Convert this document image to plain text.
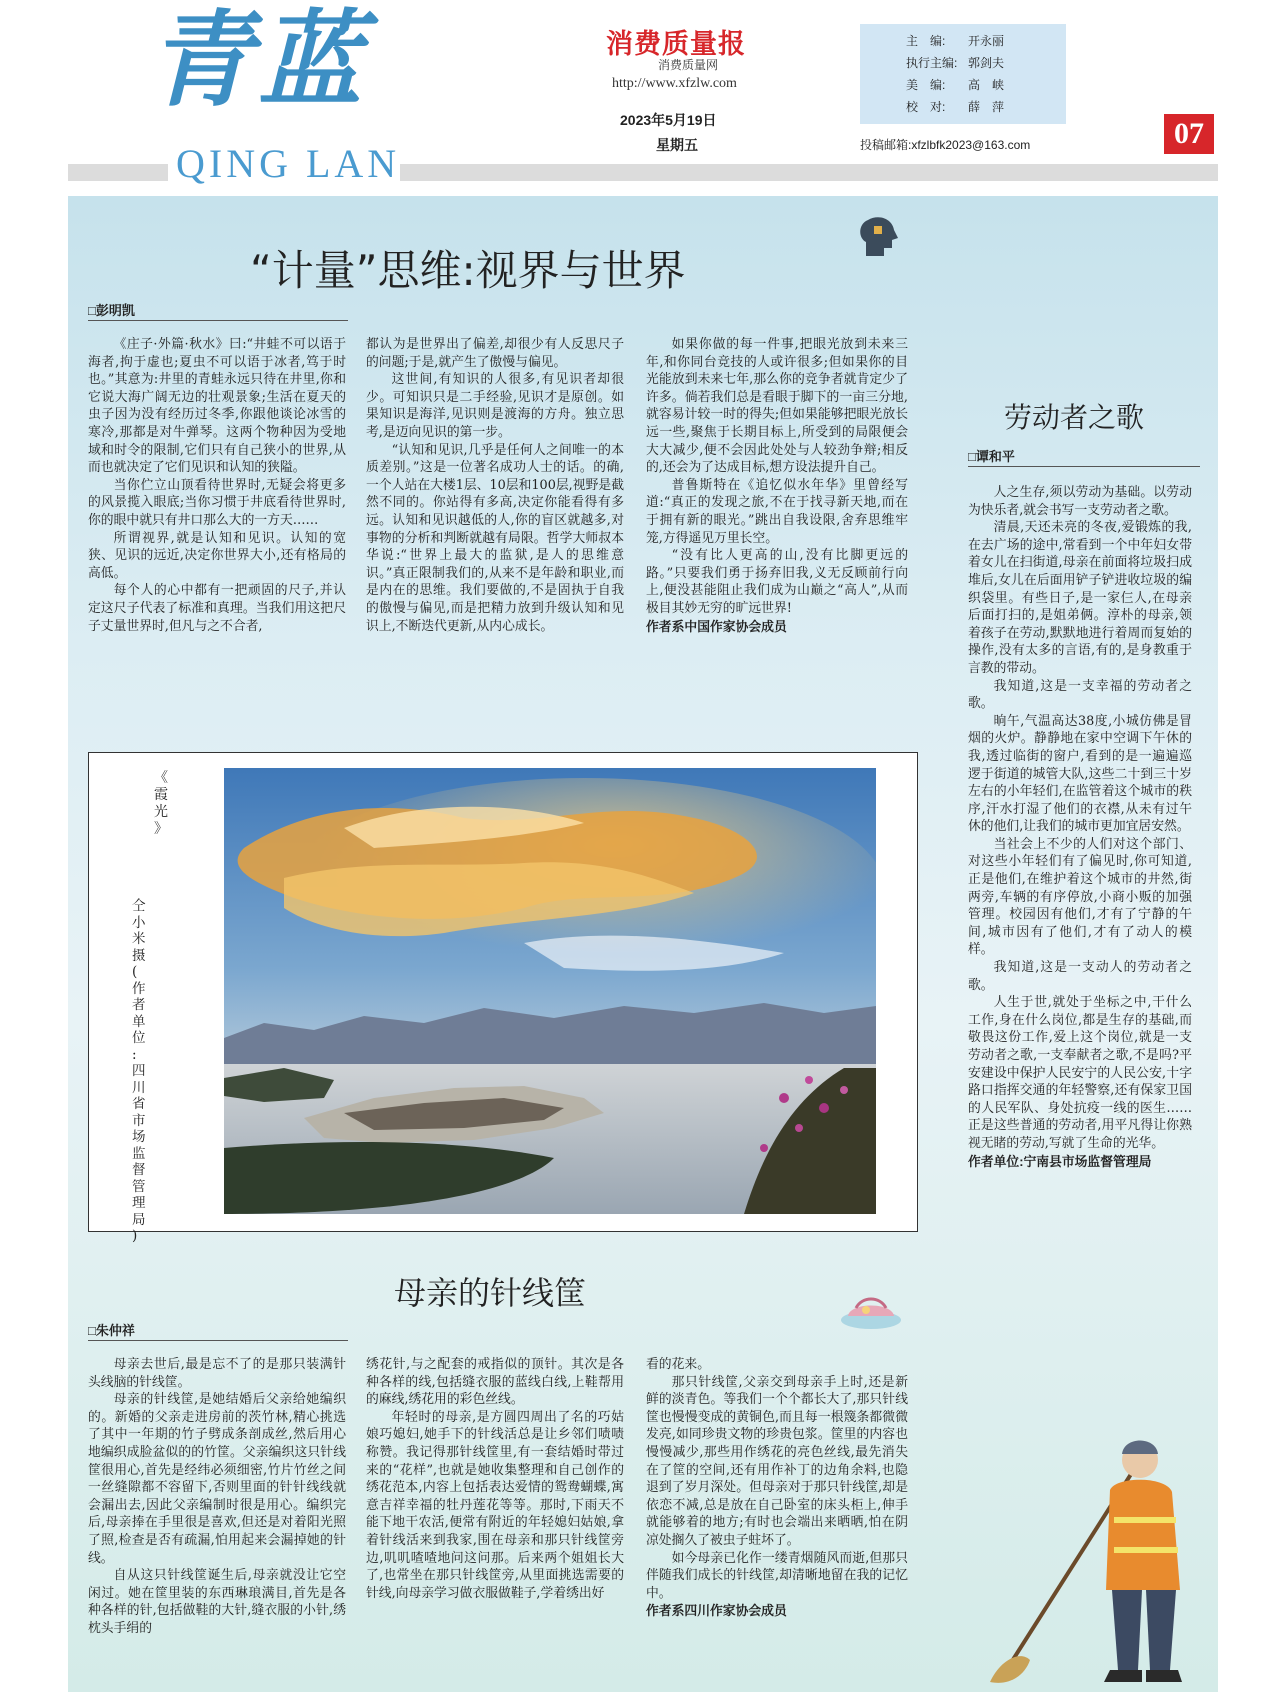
青蓝
QING LAN
消费质量报
消费质量网
http://www.xfzlw.com
2023年5月19日
星期五
主　编: 开永丽
执行主编: 郭剑夫
美　编: 高　峡
校　对: 薛　萍
投稿邮箱:xfzlbfk2023@163.com	07
“计量”思维:视界与世界
□彭明凯

《庄子·外篇·秋水》曰:“井蛙不可以语于海者,拘于虚也;夏虫不可以语于冰者,笃于时也。”其意为:井里的青蛙永远只待在井里,你和它说大海广阔无边的壮观景象;生活在夏天的虫子因为没有经历过冬季,你跟他谈论冰雪的寒冷,那都是对牛弹琴。这两个物种因为受地域和时令的限制,它们只有自己狭小的世界,从而也就决定了它们见识和认知的狭隘。

当你伫立山顶看待世界时,无疑会将更多的风景揽入眼底;当你习惯于井底看待世界时,你的眼中就只有井口那么大的一方天……

所谓视界,就是认知和见识。认知的宽狭、见识的远近,决定你世界大小,还有格局的高低。

每个人的心中都有一把顽固的尺子,并认定这尺子代表了标准和真理。当我们用这把尺子丈量世界时,但凡与之不合者,

都认为是世界出了偏差,却很少有人反思尺子的问题;于是,就产生了傲慢与偏见。

这世间,有知识的人很多,有见识者却很少。可知识只是二手经验,见识才是原创。如果知识是海洋,见识则是渡海的方舟。独立思考,是迈向见识的第一步。

“认知和见识,几乎是任何人之间唯一的本质差别。”这是一位著名成功人士的话。的确,一个人站在大楼1层、10层和100层,视野是截然不同的。你站得有多高,决定你能看得有多远。认知和见识越低的人,你的盲区就越多,对事物的分析和判断就越有局限。哲学大师叔本华说:“世界上最大的监狱,是人的思维意识。”真正限制我们的,从来不是年龄和职业,而是内在的思维。我们要做的,不是固执于自我的傲慢与偏见,而是把精力放到升级认知和见识上,不断迭代更新,从内心成长。

如果你做的每一件事,把眼光放到未来三年,和你同台竞技的人或许很多;但如果你的目光能放到未来七年,那么你的竞争者就肯定少了许多。倘若我们总是看眼于脚下的一亩三分地,就容易计较一时的得失;但如果能够把眼光放长远一些,聚焦于长期目标上,所受到的局限便会大大减少,便不会因此处处与人较劲争辩;相反的,还会为了达成目标,想方设法提升自己。

普鲁斯特在《追忆似水年华》里曾经写道:“真正的发现之旅,不在于找寻新天地,而在于拥有新的眼光。”跳出自我设限,舍弃思维牢笼,方得遥见万里长空。

“没有比人更高的山,没有比脚更远的路。”只要我们勇于扬弃旧我,义无反顾前行向上,便没甚能阻止我们成为山巅之“高人”,从而极目其妙无穷的旷远世界!

作者系中国作家协会成员

《
霞
光
》
仝
小
米
摄
(
作
者
单
位
:
四
川
省
市
场
监
督
管
理
局
)
劳动者之歌
□谭和平

人之生存,须以劳动为基础。以劳动为快乐者,就会书写一支劳动者之歌。

清晨,天还未亮的冬夜,爱锻炼的我,在去广场的途中,常看到一个中年妇女带着女儿在扫街道,母亲在前面将垃圾扫成堆后,女儿在后面用铲子铲进收垃圾的编织袋里。有些日子,是一家仨人,在母亲后面打扫的,是姐弟俩。淳朴的母亲,领着孩子在劳动,默默地进行着周而复始的操作,没有太多的言语,有的,是身教重于言教的带动。

我知道,这是一支幸福的劳动者之歌。

晌午,气温高达38度,小城仿佛是冒烟的火炉。静静地在家中空调下午休的我,透过临街的窗户,看到的是一遍遍巡逻于街道的城管大队,这些二十到三十岁左右的小年轻们,在监管着这个城市的秩序,汗水打湿了他们的衣襟,从未有过午休的他们,让我们的城市更加宜居安然。

当社会上不少的人们对这个部门、对这些小年轻们有了偏见时,你可知道,正是他们,在维护着这个城市的井然,街两旁,车辆的有序停放,小商小贩的加强管理。校园因有他们,才有了宁静的午间,城市因有了他们,才有了动人的模样。

我知道,这是一支动人的劳动者之歌。

人生于世,就处于坐标之中,干什么工作,身在什么岗位,都是生存的基础,而敬畏这份工作,爱上这个岗位,就是一支劳动者之歌,一支奉献者之歌,不是吗?平安建设中保护人民安宁的人民公安,十字路口指挥交通的年轻警察,还有保家卫国的人民军队、身处抗疫一线的医生……正是这些普通的劳动者,用平凡得让你熟视无睹的劳动,写就了生命的光华。

作者单位:宁南县市场监督管理局

母亲的针线筐
□朱仲祥

母亲去世后,最是忘不了的是那只装满针头线脑的针线筐。

母亲的针线筐,是她结婚后父亲给她编织的。新婚的父亲走进房前的茨竹林,精心挑选了其中一年期的竹子劈成条剖成丝,然后用心地编织成脸盆似的的竹筐。父亲编织这只针线筐很用心,首先是经纬必须细密,竹片竹丝之间一丝缝隙都不容留下,否则里面的针针线线就会漏出去,因此父亲编制时很是用心。编织完后,母亲捧在手里很是喜欢,但还是对着阳光照了照,检查是否有疏漏,怕用起来会漏掉她的针线。

自从这只针线筐诞生后,母亲就没让它空闲过。她在筐里装的东西琳琅满目,首先是各种各样的针,包括做鞋的大针,缝衣服的小针,绣枕头手绢的

绣花针,与之配套的戒指似的顶针。其次是各种各样的线,包括缝衣服的蓝线白线,上鞋帮用的麻线,绣花用的彩色丝线。

年轻时的母亲,是方圆四周出了名的巧姑娘巧媳妇,她手下的针线活总是让乡邻们啧啧称赞。我记得那针线筐里,有一套结婚时带过来的“花样”,也就是她收集整理和自己创作的绣花范本,内容上包括表达爱情的鸳鸯蝴蝶,寓意吉祥幸福的牡丹莲花等等。那时,下雨天不能下地干农活,便常有附近的年轻媳妇姑娘,拿着针线活来到我家,围在母亲和那只针线筐旁边,叽叽喳喳地问这问那。后来两个姐姐长大了,也常坐在那只针线筐旁,从里面挑选需要的针线,向母亲学习做衣服做鞋子,学着绣出好

看的花来。

那只针线筐,父亲交到母亲手上时,还是新鲜的淡青色。等我们一个个都长大了,那只针线筐也慢慢变成的黄铜色,而且每一根篾条都微微发亮,如同珍贵文物的珍贵包浆。筐里的内容也慢慢减少,那些用作绣花的亮色丝线,最先消失在了筐的空间,还有用作补丁的边角余料,也隐退到了岁月深处。但母亲对于那只针线筐,却是依恋不减,总是放在自己卧室的床头柜上,伸手就能够着的地方;有时也会端出来晒晒,怕在阴凉处搁久了被虫子蛀坏了。

如今母亲已化作一缕青烟随风而逝,但那只伴随我们成长的针线筐,却清晰地留在我的记忆中。

作者系四川作家协会成员
